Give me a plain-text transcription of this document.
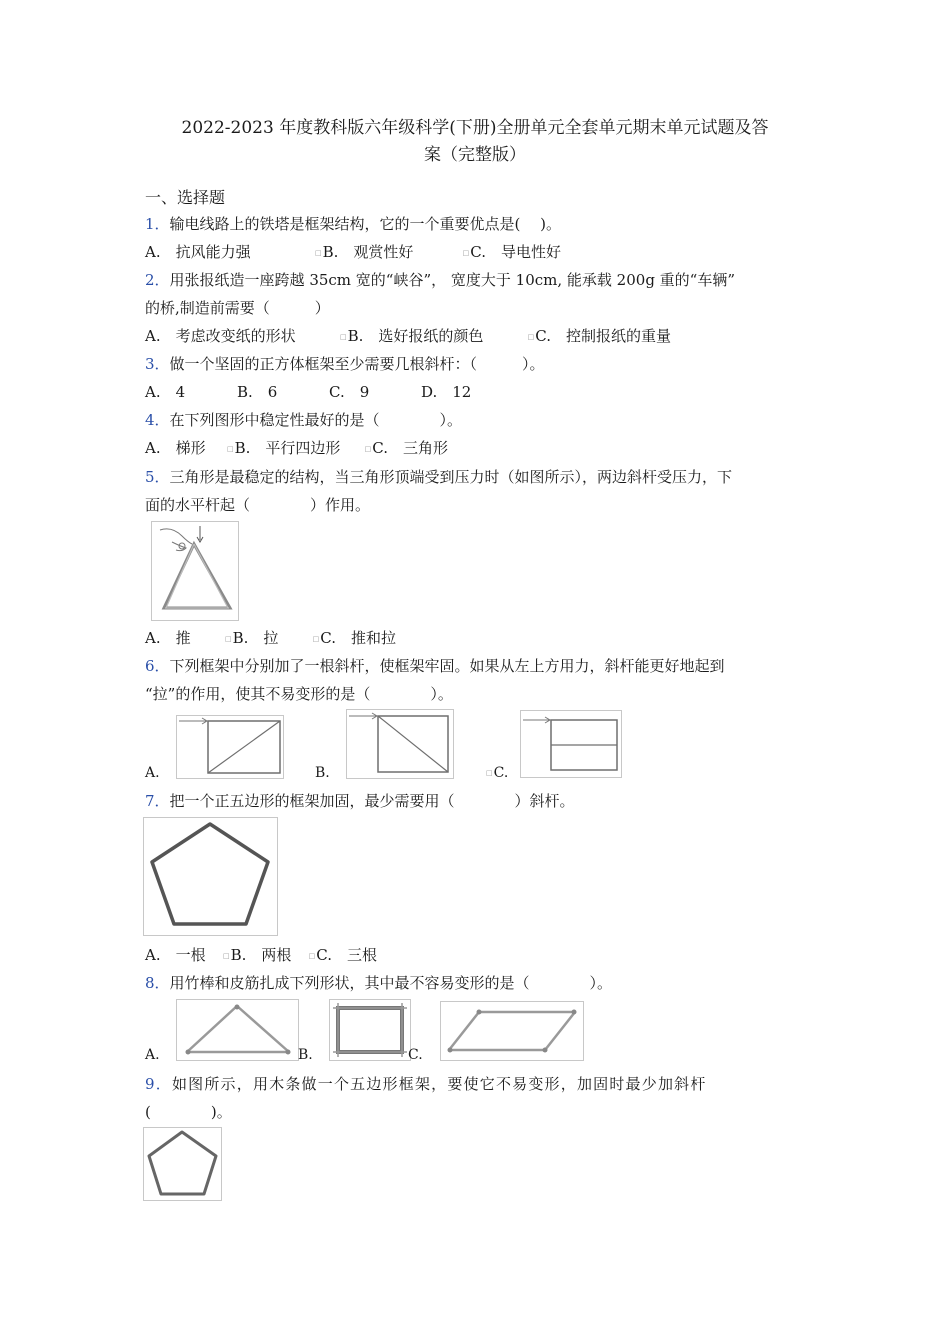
2022-2023 年度教科版六年级科学(下册)全册单元全套单元期末单元试题及答
案（完整版）
一、选择题
1．输电线路上的铁塔是框架结构，它的一个重要优点是(　 )。
A.　抗风能力强	□B.　观赏性好	□C.　导电性好
2．用张报纸造一座跨越 35cm 宽的“峡谷”， 宽度大于 10cm, 能承载 200g 重的“车辆”
的桥,制造前需要（　　　）
A.　考虑改变纸的形状	□B.　选好报纸的颜色	□C.　控制报纸的重量
3．做一个坚固的正方体框架至少需要几根斜杆：（　　　）。
A.　4	B.　6	C.　9	D.　12
4．在下列图形中稳定性最好的是（　　　　）。
A.　梯形	□B.　平行四边形	□C.　三角形
5．三角形是最稳定的结构，当三角形顶端受到压力时（如图所示），两边斜杆受压力，下
面的水平杆起（　　　　）作用。
A.　推	□B.　拉	□C.　推和拉
6．下列框架中分别加了一根斜杆，使框架牢固。如果从左上方用力，斜杆能更好地起到
“拉”的作用，使其不易变形的是（　　　　）。
A.	B.	□C.
7．把一个正五边形的框架加固，最少需要用（　　　　）斜杆。
A.　一根 □B.　两根 □C.　三根
8．用竹棒和皮筋扎成下列形状，其中最不容易变形的是（　　　　）。
A.	B.	C.
9．如图所示，用木条做一个五边形框架，要使它不易变形，加固时最少加斜杆
(　　　　)。
